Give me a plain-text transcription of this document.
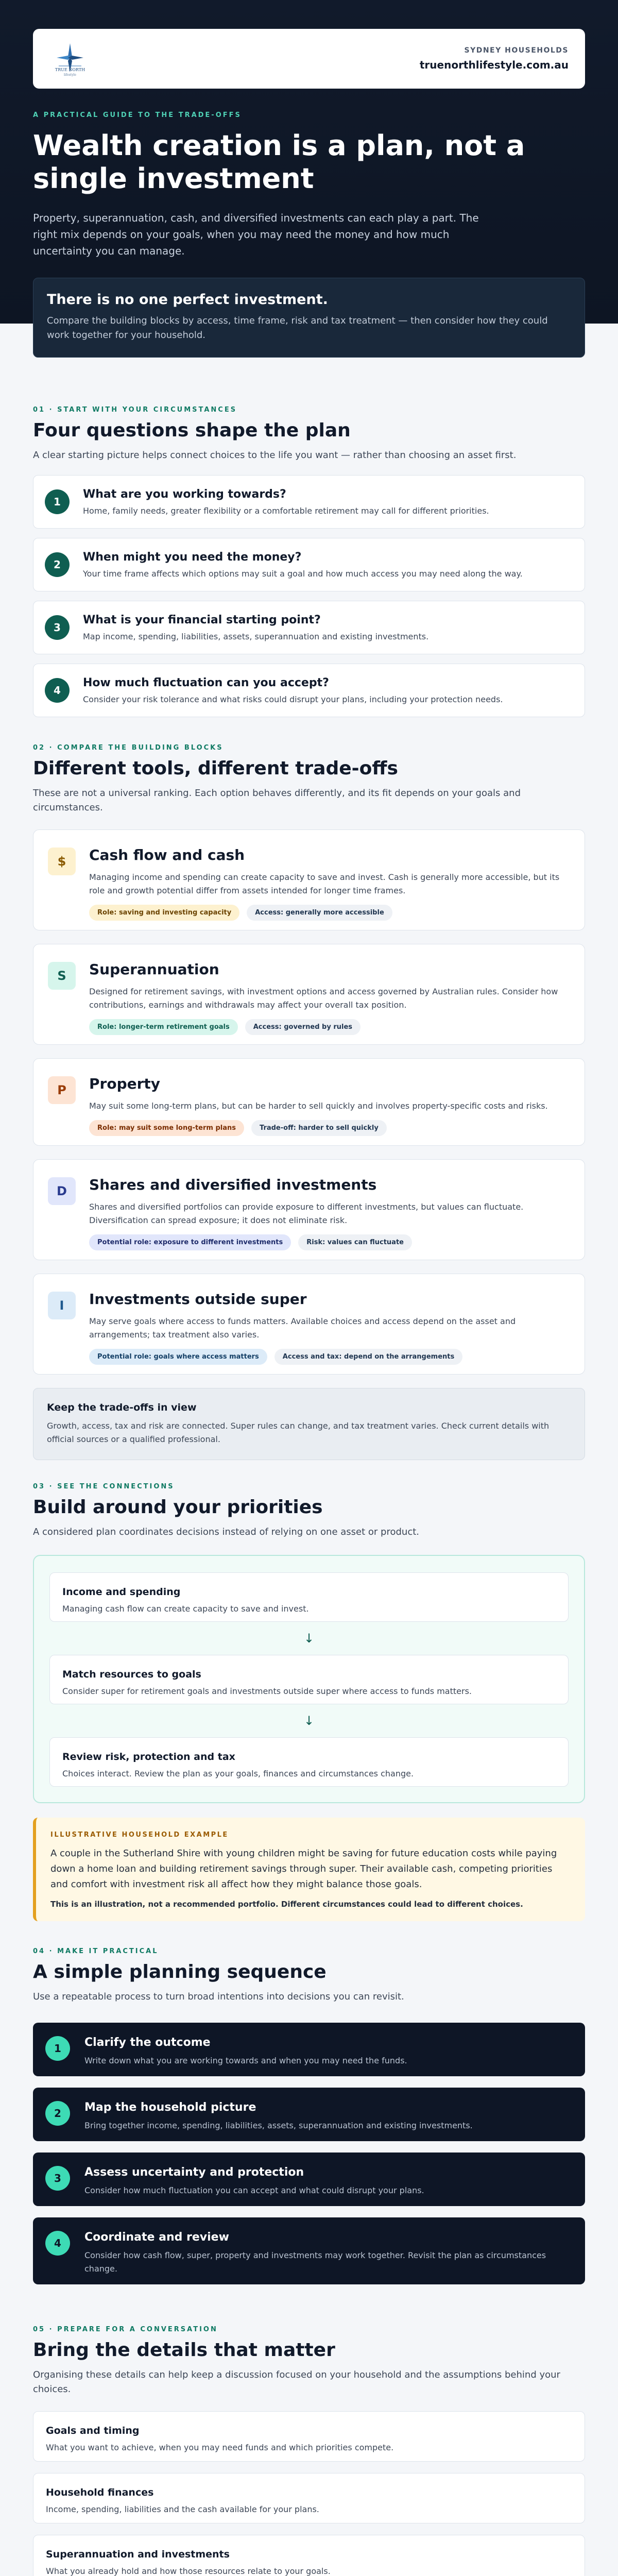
TRUE NORTH
lifestyle
SYDNEY HOUSEHOLDS
truenorthlifestyle.com.au
A PRACTICAL GUIDE TO THE TRADE-OFFS
Wealth creation is a plan, not a single investment

Property, superannuation, cash, and diversified investments can each play a part. The right mix depends on your goals, when you may need the money and how much uncertainty you can manage.

There is no one perfect investment.

Compare the building blocks by access, time frame, risk and tax treatment — then consider how they could work together for your household.

01 · START WITH YOUR CIRCUMSTANCES
Four questions shape the plan

A clear starting picture helps connect choices to the life you want — rather than choosing an asset first.

1
What are you working towards?

Home, family needs, greater flexibility or a comfortable retirement may call for different priorities.

2
When might you need the money?

Your time frame affects which options may suit a goal and how much access you may need along the way.

3
What is your financial starting point?

Map income, spending, liabilities, assets, superannuation and existing investments.

4
How much fluctuation can you accept?

Consider your risk tolerance and what risks could disrupt your plans, including your protection needs.

02 · COMPARE THE BUILDING BLOCKS
Different tools, different trade-offs

These are not a universal ranking. Each option behaves differently, and its fit depends on your goals and circumstances.

$	Cash flow and cash

Managing income and spending can create capacity to save and invest. Cash is generally more accessible, but its role and growth potential differ from assets intended for longer time frames.

Role: saving and investing capacity	Access: generally more accessible
S	Superannuation

Designed for retirement savings, with investment options and access governed by Australian rules. Consider how contributions, earnings and withdrawals may affect your overall tax position.

Role: longer-term retirement goals	Access: governed by rules
P	Property

May suit some long-term plans, but can be harder to sell quickly and involves property-specific costs and risks.

Role: may suit some long-term plans	Trade-off: harder to sell quickly
D	Shares and diversified investments

Shares and diversified portfolios can provide exposure to different investments, but values can fluctuate. Diversification can spread exposure; it does not eliminate risk.

Potential role: exposure to different investments	Risk: values can fluctuate
I	Investments outside super

May serve goals where access to funds matters. Available choices and access depend on the asset and arrangements; tax treatment also varies.

Potential role: goals where access matters	Access and tax: depend on the arrangements
Keep the trade-offs in view

Growth, access, tax and risk are connected. Super rules can change, and tax treatment varies. Check current details with official sources or a qualified professional.

03 · SEE THE CONNECTIONS
Build around your priorities

A considered plan coordinates decisions instead of relying on one asset or product.

Income and spending

Managing cash flow can create capacity to save and invest.

↓
Match resources to goals

Consider super for retirement goals and investments outside super where access to funds matters.

↓
Review risk, protection and tax

Choices interact. Review the plan as your goals, finances and circumstances change.

ILLUSTRATIVE HOUSEHOLD EXAMPLE

A couple in the Sutherland Shire with young children might be saving for future education costs while paying down a home loan and building retirement savings through super. Their available cash, competing priorities and comfort with investment risk all affect how they might balance those goals.

This is an illustration, not a recommended portfolio. Different circumstances could lead to different choices.

04 · MAKE IT PRACTICAL
A simple planning sequence

Use a repeatable process to turn broad intentions into decisions you can revisit.

1	Clarify the outcome

Write down what you are working towards and when you may need the funds.

2	Map the household picture

Bring together income, spending, liabilities, assets, superannuation and existing investments.

3	Assess uncertainty and protection

Consider how much fluctuation you can accept and what could disrupt your plans.

4	Coordinate and review

Consider how cash flow, super, property and investments may work together. Revisit the plan as circumstances change.

05 · PREPARE FOR A CONVERSATION
Bring the details that matter

Organising these details can help keep a discussion focused on your household and the assumptions behind your choices.

Goals and timing

What you want to achieve, when you may need funds and which priorities compete.

Household finances

Income, spending, liabilities and the cash available for your plans.

Superannuation and investments

What you already hold and how those resources relate to your goals.
